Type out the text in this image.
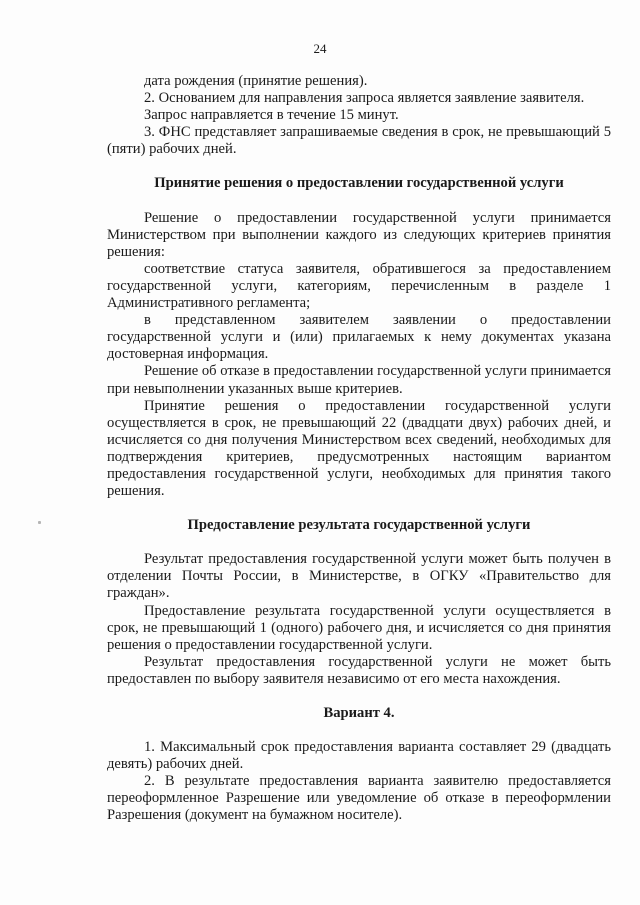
24

дата рождения (принятие решения).

2. Основанием для направления запроса является заявление заявителя.

Запрос направляется в течение 15 минут.

3. ФНС представляет запрашиваемые сведения в срок, не превышающий 5 (пяти) рабочих дней.

Принятие решения о предоставлении государственной услуги

Решение о предоставлении государственной услуги принимается Министерством при выполнении каждого из следующих критериев принятия решения:

соответствие статуса заявителя, обратившегося за предоставлением государственной услуги, категориям, перечисленным в разделе 1 Административного регламента;

в представленном заявителем заявлении о предоставлении государственной услуги и (или) прилагаемых к нему документах указана достоверная информация.

Решение об отказе в предоставлении государственной услуги принимается при невыполнении указанных выше критериев.

Принятие решения о предоставлении государственной услуги осуществляется в срок, не превышающий 22 (двадцати двух) рабочих дней, и исчисляется со дня получения Министерством всех сведений, необходимых для подтверждения критериев, предусмотренных настоящим вариантом предоставления государственной услуги, необходимых для принятия такого решения.

Предоставление результата государственной услуги

Результат предоставления государственной услуги может быть получен в отделении Почты России, в Министерстве, в ОГКУ «Правительство для граждан».

Предоставление результата государственной услуги осуществляется в срок, не превышающий 1 (одного) рабочего дня, и исчисляется со дня принятия решения о предоставлении государственной услуги.

Результат предоставления государственной услуги не может быть предоставлен по выбору заявителя независимо от его места нахождения.

Вариант 4.

1. Максимальный срок предоставления варианта составляет 29 (двадцать девять) рабочих дней.

2. В результате предоставления варианта заявителю предоставляется переоформленное Разрешение или уведомление об отказе в переоформлении Разрешения (документ на бумажном носителе).
